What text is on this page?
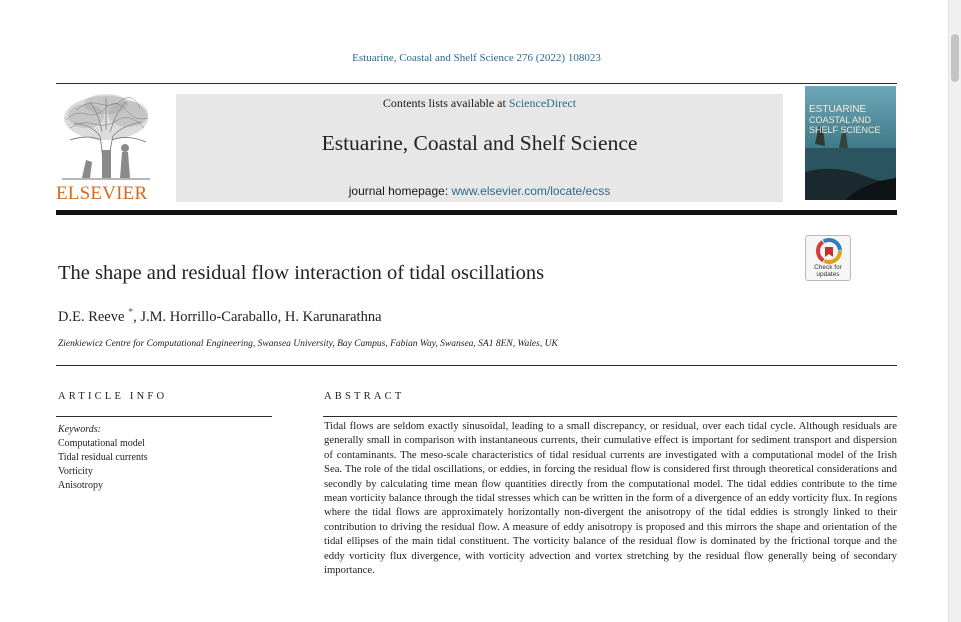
Estuarine, Coastal and Shelf Science 276 (2022) 108023
ELSEVIER
Contents lists available at ScienceDirect
Estuarine, Coastal and Shelf Science
journal homepage: www.elsevier.com/locate/ecss
ESTUARINE
COASTAL AND
SHELF SCIENCE
Check for
updates
The shape and residual flow interaction of tidal oscillations
D.E. Reeve *, J.M. Horrillo-Caraballo, H. Karunarathna
Zienkiewicz Centre for Computational Engineering, Swansea University, Bay Campus, Fabian Way, Swansea, SA1 8EN, Wales, UK
ARTICLE INFO	ABSTRACT
Keywords:
Computational model
Tidal residual currents
Vorticity
Anisotropy
Tidal flows are seldom exactly sinusoidal, leading to a small discrepancy, or residual, over each tidal cycle. Although residuals are generally small in comparison with instantaneous currents, their cumulative effect is important for sediment transport and dispersion of contaminants. The meso-scale characteristics of tidal residual currents are investigated with a computational model of the Irish Sea. The role of the tidal oscillations, or eddies, in forcing the residual flow is considered first through theoretical considerations and secondly by calculating time mean flow quantities directly from the computational model. The tidal eddies contribute to the time mean vorticity balance through the tidal stresses which can be written in the form of a divergence of an eddy vorticity flux. In regions where the tidal flows are approximately horizontally non-divergent the anisotropy of the tidal eddies is strongly linked to their contribution to driving the residual flow. A measure of eddy anisotropy is proposed and this mirrors the shape and orientation of the tidal ellipses of the main tidal constituent. The vorticity balance of the residual flow is dominated by the frictional torque and the eddy vorticity flux divergence, with vorticity advection and vortex stretching by the residual flow generally being of secondary importance.
